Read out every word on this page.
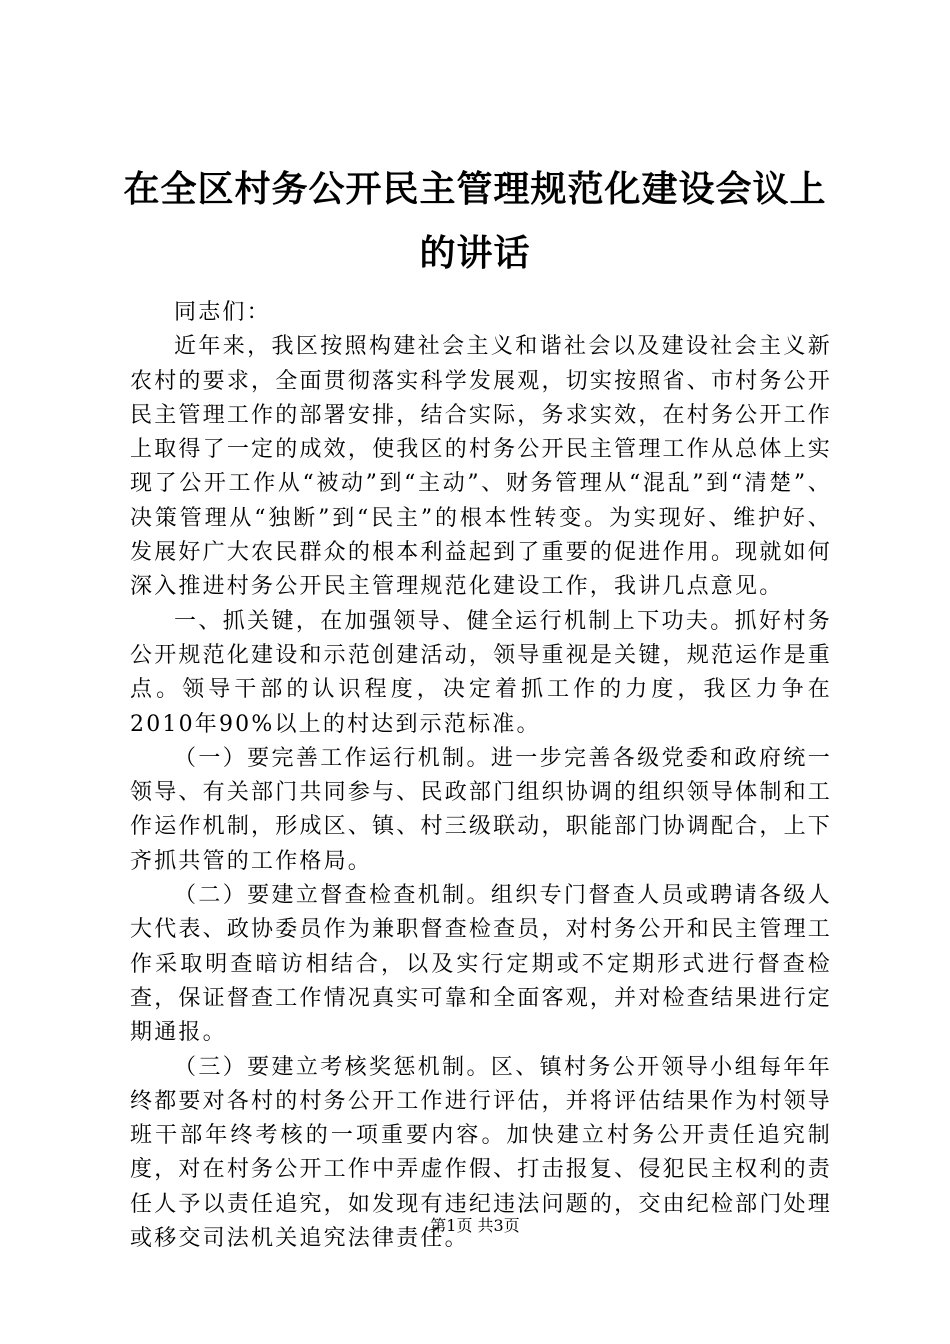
在全区村务公开民主管理规范化建设会议上的讲话

同志们：

近年来，我区按照构建社会主义和谐社会以及建设社会主义新农村的要求，全面贯彻落实科学发展观，切实按照省、市村务公开民主管理工作的部署安排，结合实际，务求实效，在村务公开工作上取得了一定的成效，使我区的村务公开民主管理工作从总体上实现了公开工作从“被动”到“主动”、财务管理从“混乱”到“清楚”、决策管理从“独断”到“民主”的根本性转变。为实现好、维护好、发展好广大农民群众的根本利益起到了重要的促进作用。现就如何深入推进村务公开民主管理规范化建设工作，我讲几点意见。

一、抓关键，在加强领导、健全运行机制上下功夫。抓好村务公开规范化建设和示范创建活动，领导重视是关键，规范运作是重点。领导干部的认识程度，决定着抓工作的力度，我区力争在2010年90%以上的村达到示范标准。

（一）要完善工作运行机制。进一步完善各级党委和政府统一领导、有关部门共同参与、民政部门组织协调的组织领导体制和工作运作机制，形成区、镇、村三级联动，职能部门协调配合，上下齐抓共管的工作格局。

（二）要建立督查检查机制。组织专门督查人员或聘请各级人大代表、政协委员作为兼职督查检查员，对村务公开和民主管理工作采取明查暗访相结合，以及实行定期或不定期形式进行督查检查，保证督查工作情况真实可靠和全面客观，并对检查结果进行定期通报。

（三）要建立考核奖惩机制。区、镇村务公开领导小组每年年终都要对各村的村务公开工作进行评估，并将评估结果作为村领导班干部年终考核的一项重要内容。加快建立村务公开责任追究制度，对在村务公开工作中弄虚作假、打击报复、侵犯民主权利的责任人予以责任追究，如发现有违纪违法问题的，交由纪检部门处理或移交司法机关追究法律责任。

第1页 共3页
